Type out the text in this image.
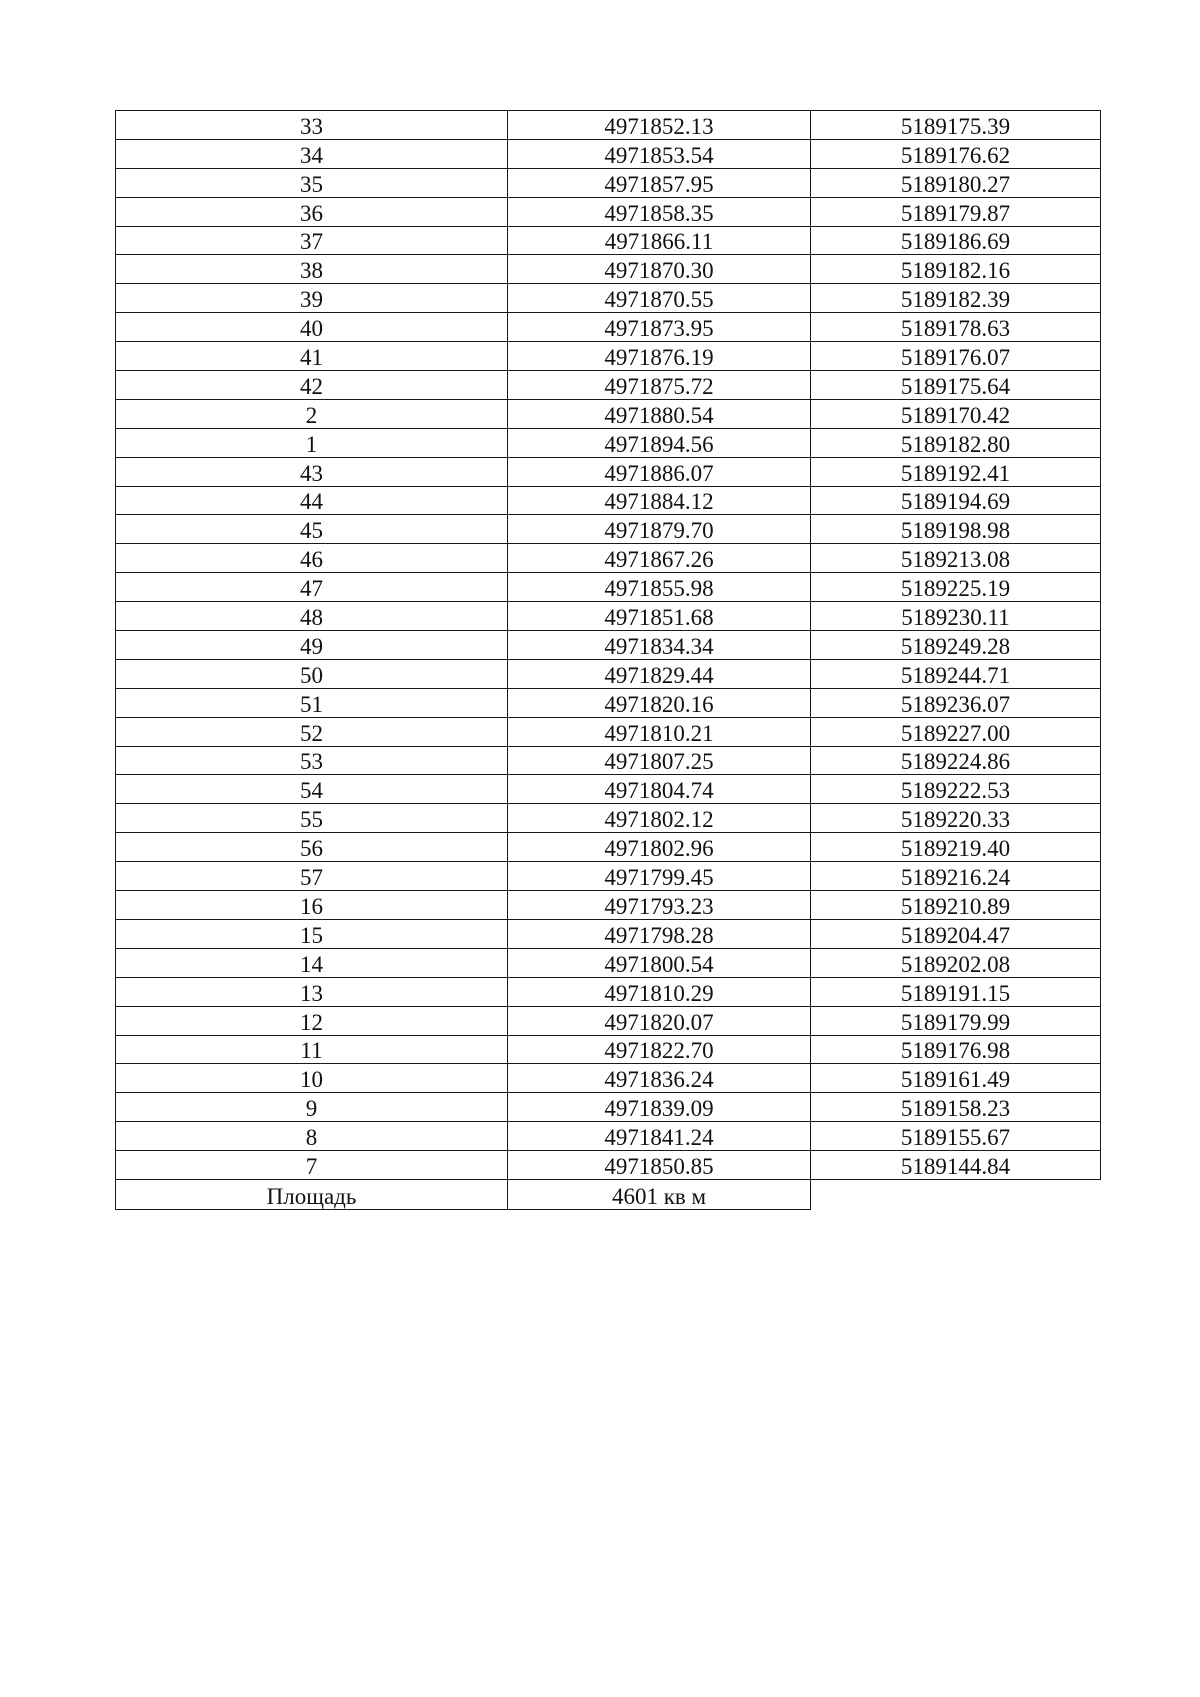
33	4971852.13	5189175.39
34	4971853.54	5189176.62
35	4971857.95	5189180.27
36	4971858.35	5189179.87
37	4971866.11	5189186.69
38	4971870.30	5189182.16
39	4971870.55	5189182.39
40	4971873.95	5189178.63
41	4971876.19	5189176.07
42	4971875.72	5189175.64
2	4971880.54	5189170.42
1	4971894.56	5189182.80
43	4971886.07	5189192.41
44	4971884.12	5189194.69
45	4971879.70	5189198.98
46	4971867.26	5189213.08
47	4971855.98	5189225.19
48	4971851.68	5189230.11
49	4971834.34	5189249.28
50	4971829.44	5189244.71
51	4971820.16	5189236.07
52	4971810.21	5189227.00
53	4971807.25	5189224.86
54	4971804.74	5189222.53
55	4971802.12	5189220.33
56	4971802.96	5189219.40
57	4971799.45	5189216.24
16	4971793.23	5189210.89
15	4971798.28	5189204.47
14	4971800.54	5189202.08
13	4971810.29	5189191.15
12	4971820.07	5189179.99
11	4971822.70	5189176.98
10	4971836.24	5189161.49
9	4971839.09	5189158.23
8	4971841.24	5189155.67
7	4971850.85	5189144.84
Площадь	4601 кв м	
